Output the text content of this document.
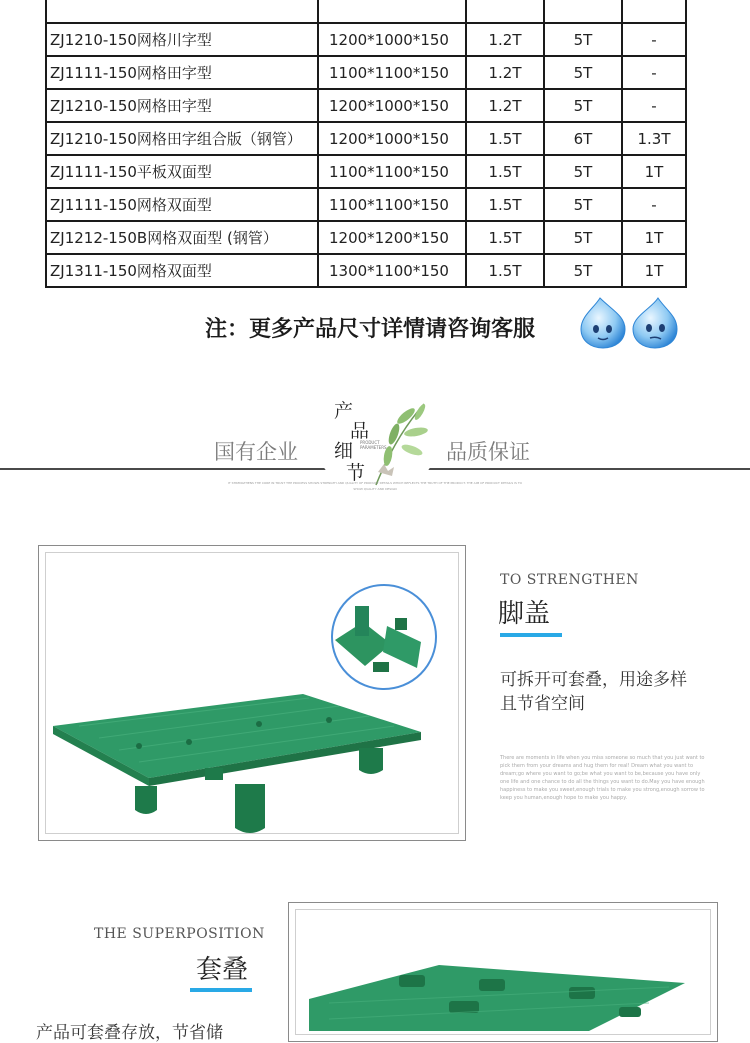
ZJ1210-150网格川字型	1200*1000*150	1.2T	5T	-
ZJ1111-150网格田字型	1100*1100*150	1.2T	5T	-
ZJ1210-150网格田字型	1200*1000*150	1.2T	5T	-
ZJ1210-150网格田字组合版（钢管）	1200*1000*150	1.5T	6T	1.3T
ZJ1111-150平板双面型	1100*1100*150	1.5T	5T	1T
ZJ1111-150网格双面型	1100*1100*150	1.5T	5T	-
ZJ1212-150B网格双面型 (钢管）	1200*1200*150	1.5T	5T	1T
ZJ1311-150网格双面型	1300*1100*150	1.5T	5T	1T
注：更多产品尺寸详情请咨询客服
国有企业	品质保证
产
品
细
节
PRODUCT PARAMETERS
IT STRENGTHENS THE CORE IN TRUST THE PROCESS SHOWS STRENGTH AND QUALITY OF PRODUCT DETAILS WHICH REFLECTS THE TRUTH OF THE PRODUCT. THE AIM OF PRODUCT DETAILS IS TO SHOW QUALITY AND DESIGN
TO STRENGTHEN
脚盖
可拆开可套叠，用途多样
且节省空间
There are moments in life when you miss someone so much that you just want to pick them from your dreams and hug them for real! Dream what you want to dream;go where you want to go;be what you want to be,because you have only one life and one chance to do all the things you want to do.May you have enough happiness to make you sweet,enough trials to make you strong,enough sorrow to keep you human,enough hope to make you happy.
THE SUPERPOSITION
套叠
产品可套叠存放，节省储
